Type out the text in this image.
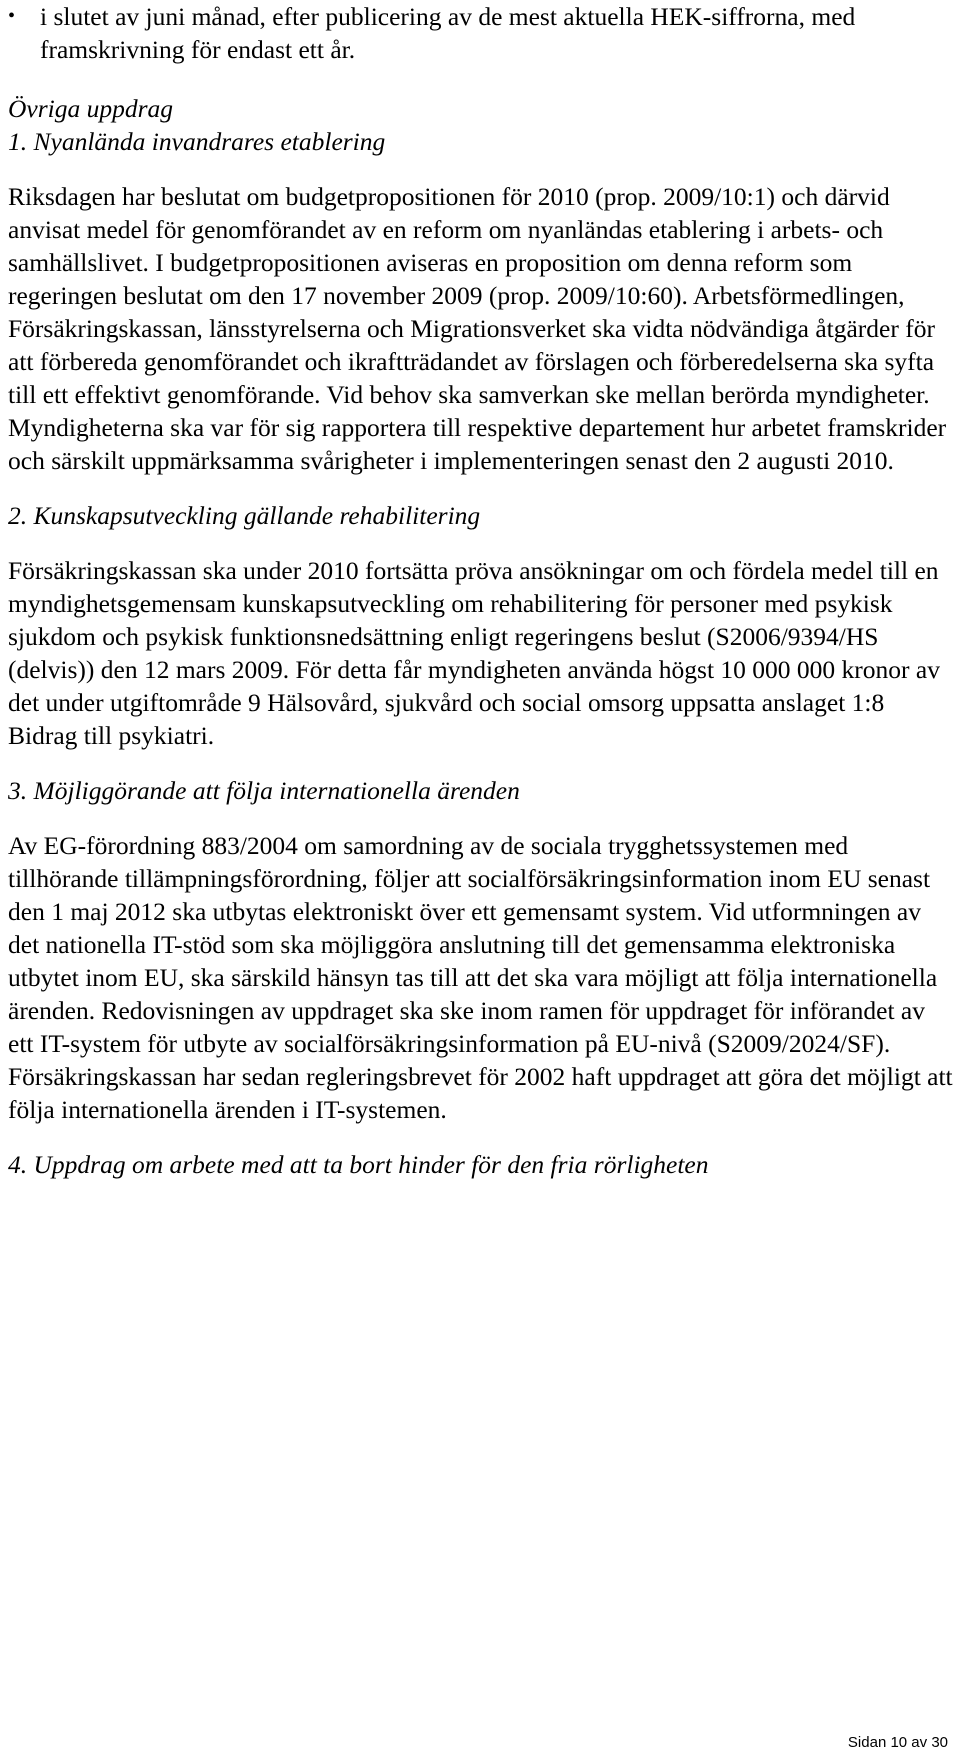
• i slutet av juni månad, efter publicering av de mest aktuella HEK-siffrorna, med framskrivning för endast ett år.

Övriga uppdrag

1. Nyanlända invandrares etablering

Riksdagen har beslutat om budgetpropositionen för 2010 (prop. 2009/10:1) och därvid anvisat medel för genomförandet av en reform om nyanländas etablering i arbets- och samhällslivet. I budgetpropositionen aviseras en proposition om denna reform som regeringen beslutat om den 17 november 2009 (prop. 2009/10:60). Arbetsförmedlingen, Försäkringskassan, länsstyrelserna och Migrationsverket ska vidta nödvändiga åtgärder för att förbereda genomförandet och ikraftträdandet av förslagen och förberedelserna ska syfta till ett effektivt genomförande. Vid behov ska samverkan ske mellan berörda myndigheter. Myndigheterna ska var för sig rapportera till respektive departement hur arbetet framskrider och särskilt uppmärksamma svårigheter i implementeringen senast den 2 augusti 2010.

2. Kunskapsutveckling gällande rehabilitering

Försäkringskassan ska under 2010 fortsätta pröva ansökningar om och fördela medel till en myndighetsgemensam kunskapsutveckling om rehabilitering för personer med psykisk sjukdom och psykisk funktionsnedsättning enligt regeringens beslut (S2006/9394/HS (delvis)) den 12 mars 2009. För detta får myndigheten använda högst 10 000 000 kronor av det under utgiftområde 9 Hälsovård, sjukvård och social omsorg uppsatta anslaget 1:8 Bidrag till psykiatri.

3. Möjliggörande att följa internationella ärenden

Av EG-förordning 883/2004 om samordning av de sociala trygghetssystemen med tillhörande tillämpningsförordning, följer att socialförsäkringsinformation inom EU senast den 1 maj 2012 ska utbytas elektroniskt över ett gemensamt system. Vid utformningen av det nationella IT-stöd som ska möjliggöra anslutning till det gemensamma elektroniska utbytet inom EU, ska särskild hänsyn tas till att det ska vara möjligt att följa internationella ärenden. Redovisningen av uppdraget ska ske inom ramen för uppdraget för införandet av ett IT-system för utbyte av socialförsäkringsinformation på EU-nivå (S2009/2024/SF). Försäkringskassan har sedan regleringsbrevet för 2002 haft uppdraget att göra det möjligt att följa internationella ärenden i IT-systemen.

4. Uppdrag om arbete med att ta bort hinder för den fria rörligheten

Sidan 10 av 30
